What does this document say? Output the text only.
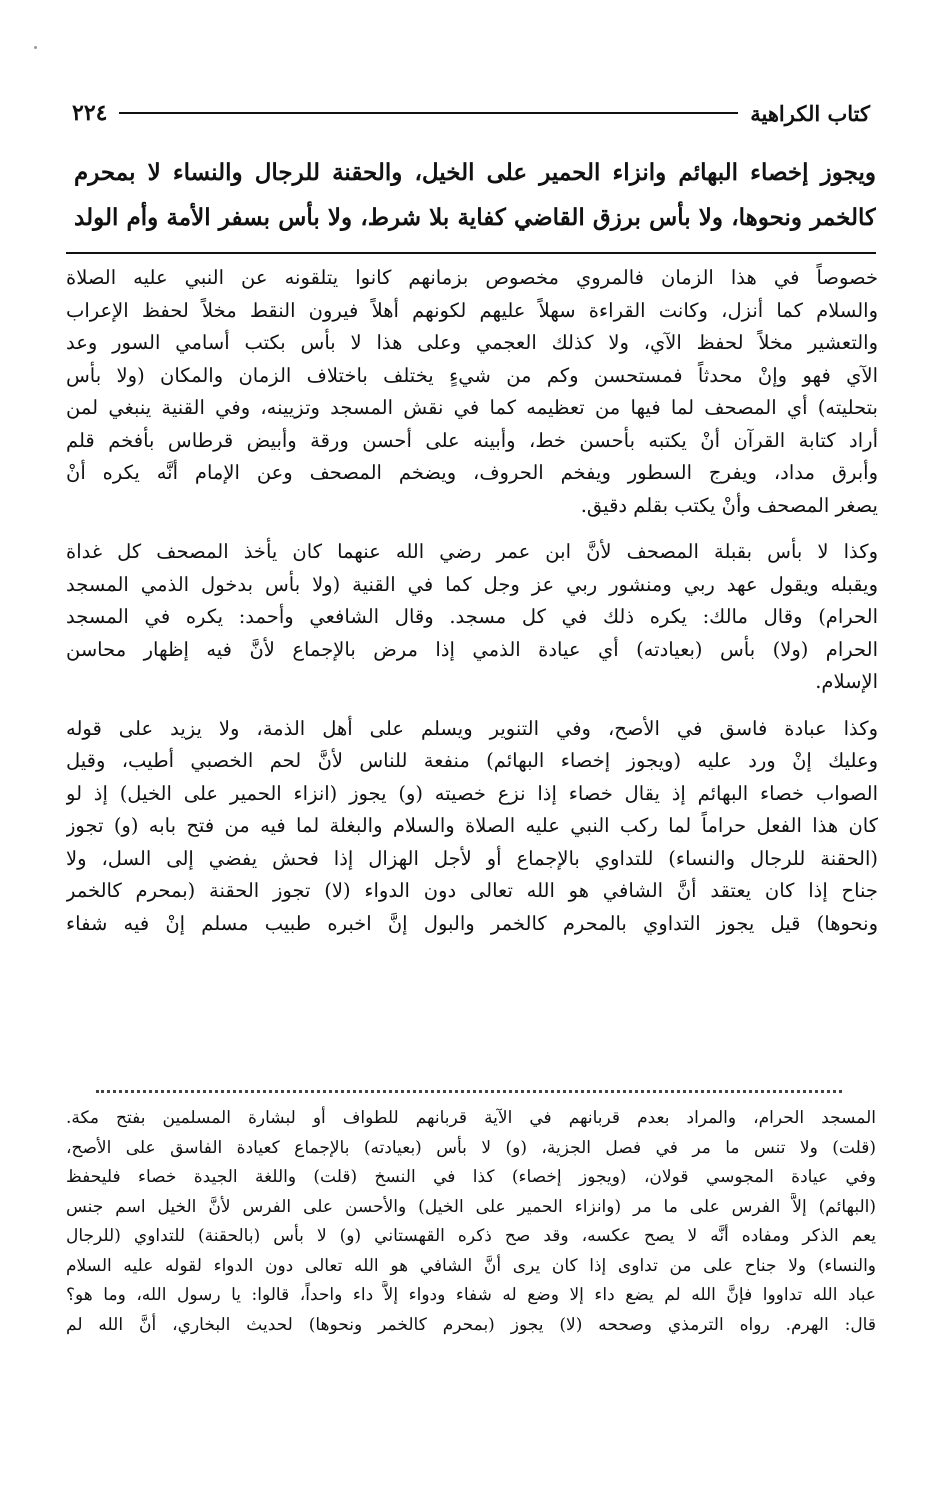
٢٢٤	كتاب الكراهية
ويجوز إخصاء البهائم وانزاء الحمير على الخيل، والحقنة للرجال والنساء لا بمحرم
كالخمر ونحوها، ولا بأس برزق القاضي كفاية بلا شرط، ولا بأس بسفر الأمة وأم الولد
خصوصاً في هذا الزمان فالمروي مخصوص بزمانهم كانوا يتلقونه عن النبي عليه الصلاة
والسلام كما أنزل، وكانت القراءة سهلاً عليهم لكونهم أهلاً فيرون النقط مخلاً لحفظ الإعراب
والتعشير مخلاً لحفظ الآي، ولا كذلك العجمي وعلى هذا لا بأس بكتب أسامي السور وعد
الآي فهو وإنْ محدثاً فمستحسن وكم من شيءٍ يختلف باختلاف الزمان والمكان (ولا بأس
بتحليته) أي المصحف لما فيها من تعظيمه كما في نقش المسجد وتزيينه، وفي القنية ينبغي لمن
أراد كتابة القرآن أنْ يكتبه بأحسن خط، وأبينه على أحسن ورقة وأبيض قرطاس بأفخم قلم
وأبرق مداد، ويفرج السطور ويفخم الحروف، ويضخم المصحف وعن الإمام أنَّه يكره أنْ
يصغر المصحف وأنْ يكتب بقلم دقيق.
وكذا لا بأس بقبلة المصحف لأنَّ ابن عمر رضي الله عنهما كان يأخذ المصحف كل غداة
ويقبله ويقول عهد ربي ومنشور ربي عز وجل كما في القنية (ولا بأس بدخول الذمي المسجد
الحرام) وقال مالك: يكره ذلك في كل مسجد. وقال الشافعي وأحمد: يكره في المسجد
الحرام (ولا) بأس (بعيادته) أي عيادة الذمي إذا مرض بالإجماع لأنَّ فيه إظهار محاسن
الإسلام.
وكذا عبادة فاسق في الأصح، وفي التنوير ويسلم على أهل الذمة، ولا يزيد على قوله
وعليك إنْ ورد عليه (ويجوز إخصاء البهائم) منفعة للناس لأنَّ لحم الخصبي أطيب، وقيل
الصواب خصاء البهائم إذ يقال خصاء إذا نزع خصيته (و) يجوز (انزاء الحمير على الخيل) إذ لو
كان هذا الفعل حراماً لما ركب النبي عليه الصلاة والسلام والبغلة لما فيه من فتح بابه (و) تجوز
(الحقنة للرجال والنساء) للتداوي بالإجماع أو لأجل الهزال إذا فحش يفضي إلى السل، ولا
جناح إذا كان يعتقد أنَّ الشافي هو الله تعالى دون الدواء (لا) تجوز الحقنة (بمحرم كالخمر
ونحوها) قيل يجوز التداوي بالمحرم كالخمر والبول إنَّ اخبره طبيب مسلم إنْ فيه شفاء
المسجد الحرام، والمراد بعدم قربانهم في الآية قربانهم للطواف أو لبشارة المسلمين بفتح مكة.
(قلت) ولا تنس ما مر في فصل الجزية، (و) لا بأس (بعيادته) بالإجماع كعيادة الفاسق على الأصح،
وفي عيادة المجوسي قولان، (ويجوز إخصاء) كذا في النسخ (قلت) واللغة الجيدة خصاء فليحفظ
(البهائم) إلاَّ الفرس على ما مر (وانزاء الحمير على الخيل) والأحسن على الفرس لأنَّ الخيل اسم جنس
يعم الذكر ومفاده أنَّه لا يصح عكسه، وقد صح ذكره القهستاني (و) لا بأس (بالحقنة) للتداوي (للرجال
والنساء) ولا جناح على من تداوى إذا كان يرى أنَّ الشافي هو الله تعالى دون الدواء لقوله عليه السلام
عباد الله تداووا فإنَّ الله لم يضع داء إلا وضع له شفاء ودواء إلاَّ داء واحداً، قالوا: يا رسول الله، وما هو؟
قال: الهرم. رواه الترمذي وصححه (لا) يجوز (بمحرم كالخمر ونحوها) لحديث البخاري، أنَّ الله لم
